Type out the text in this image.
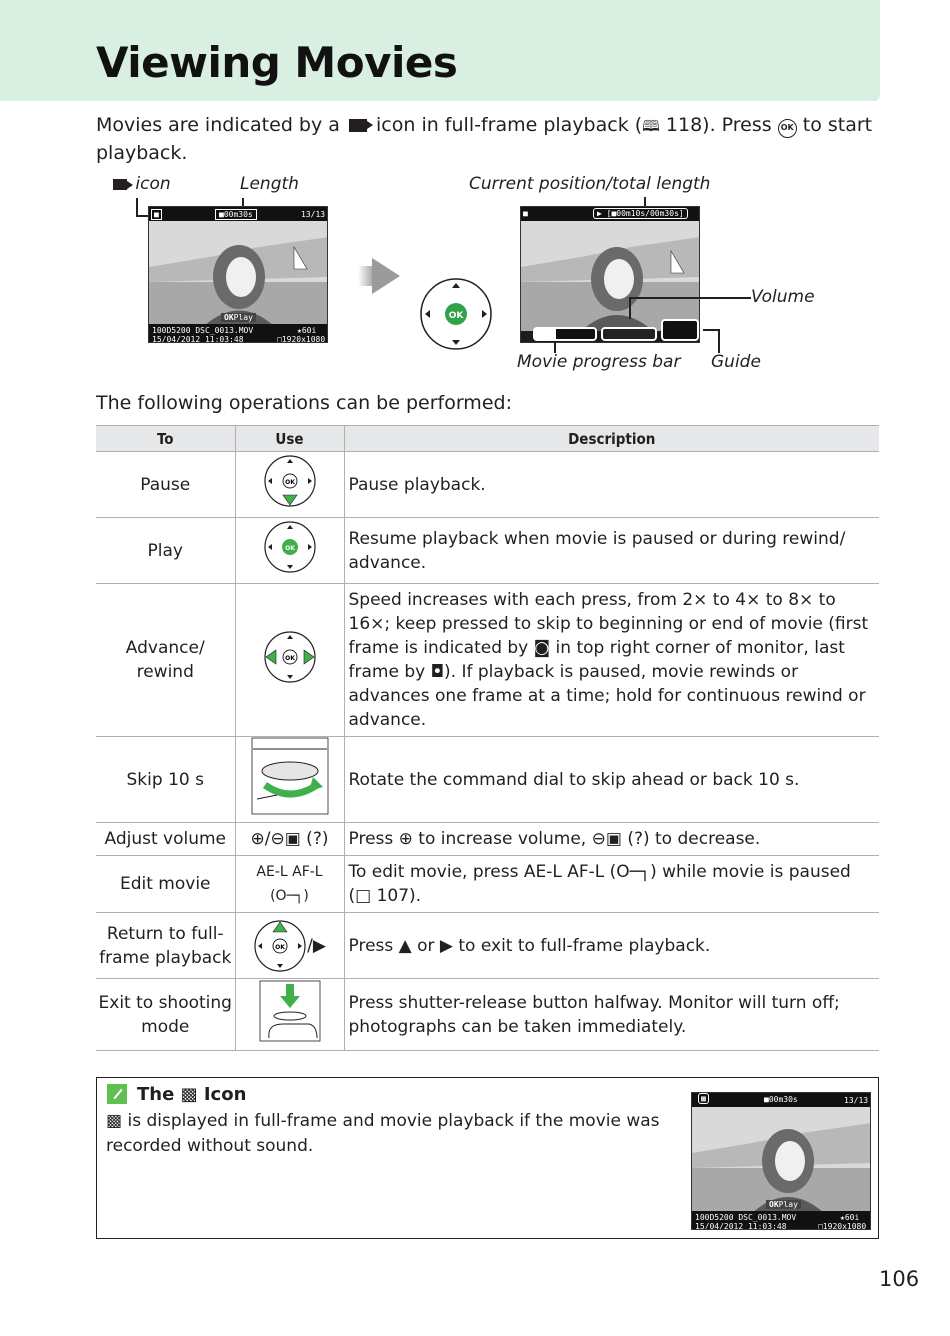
Viewing Movies

Movies are indicated by a icon in full-frame playback (🕮 118). Press OK to start playback.

icon	Length
■	■00m30s	13/13
OKPlay
100D5200 DSC_0013.MOV
15/04/2012 11:03:48
★60i
□1920x1080
OK
Current position/total length
■	▶ [■00m10s/00m30s]
Volume
Movie progress bar Guide

The following operations can be performed:

To	Use	Description
Pause	OK	Pause playback.
Play	OK	Resume playback when movie is paused or during rewind/ advance.
Advance/ rewind	OK	Speed increases with each press, from 2× to 4× to 8× to 16×; keep pressed to skip to beginning or end of movie (first frame is indicated by ◙ in top right corner of monitor, last frame by ◘). If playback is paused, movie rewinds or advances one frame at a time; hold for continuous rewind or advance.
Skip 10 s		Rotate the command dial to skip ahead or back 10 s.
Adjust volume	⊕/⊖▣ (?)	Press ⊕ to increase volume, ⊖▣ (?) to decrease.
Edit movie	AE-L AF-L (O─┐)	To edit movie, press AE-L AF-L (O─┐) while movie is paused (□ 107).
Return to full-frame playback	OK /▶	Press ▲ or ▶ to exit to full-frame playback.
Exit to shooting mode		Press shutter-release button halfway. Monitor will turn off; photographs can be taken immediately.
The ▩ Icon
▩ is displayed in full-frame and movie playback if the movie was recorded without sound.
▩	■00m30s	13/13
OKPlay
100D5200 DSC_0013.MOV
15/04/2012 11:03:48
★60i
□1920x1080
106
